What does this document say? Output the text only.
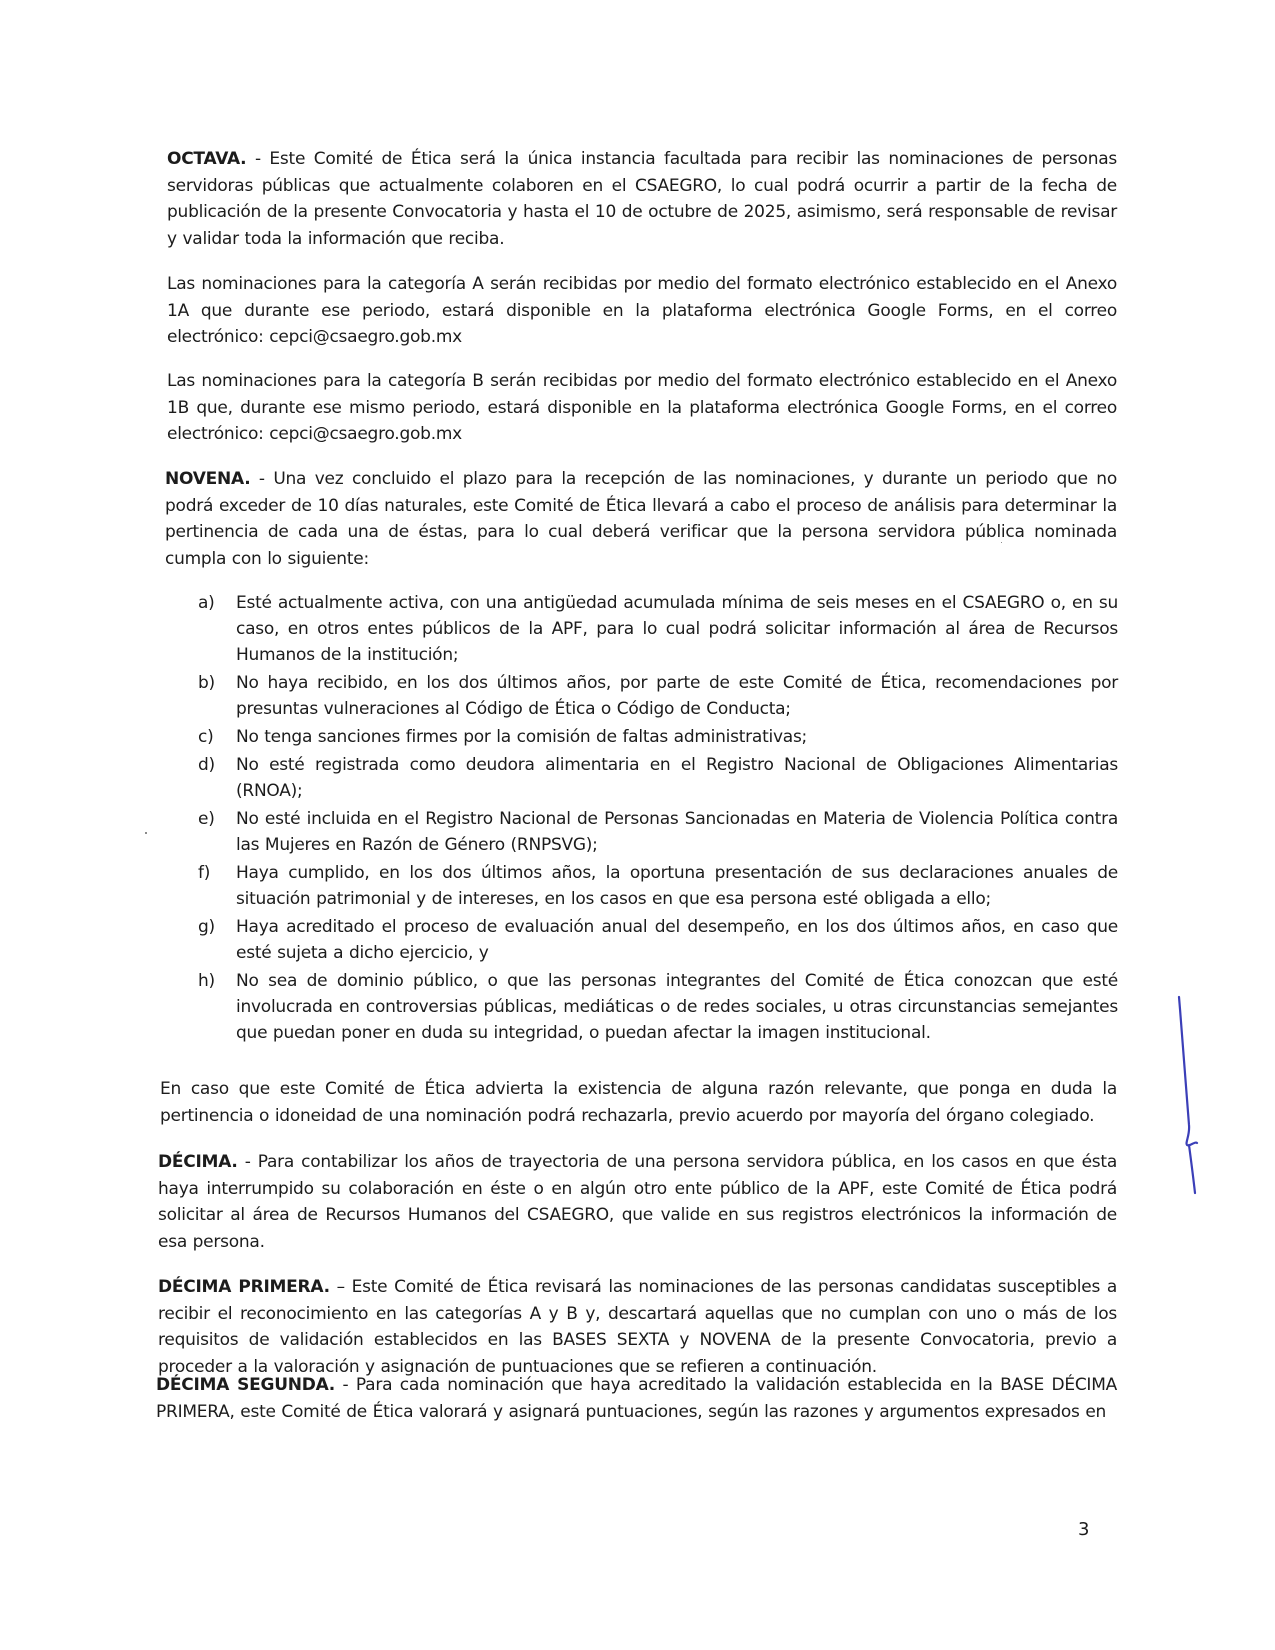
OCTAVA. - Este Comité de Ética será la única instancia facultada para recibir las nominaciones de personas servidoras públicas que actualmente colaboren en el CSAEGRO, lo cual podrá ocurrir a partir de la fecha de publicación de la presente Convocatoria y hasta el 10 de octubre de 2025, asimismo, será responsable de revisar y validar toda la información que reciba.

Las nominaciones para la categoría A serán recibidas por medio del formato electrónico establecido en el Anexo 1A que durante ese periodo, estará disponible en la plataforma electrónica Google Forms, en el correo electrónico: cepci@csaegro.gob.mx

Las nominaciones para la categoría B serán recibidas por medio del formato electrónico establecido en el Anexo 1B que, durante ese mismo periodo, estará disponible en la plataforma electrónica Google Forms, en el correo electrónico: cepci@csaegro.gob.mx

NOVENA. - Una vez concluido el plazo para la recepción de las nominaciones, y durante un periodo que no podrá exceder de 10 días naturales, este Comité de Ética llevará a cabo el proceso de análisis para determinar la pertinencia de cada una de éstas, para lo cual deberá verificar que la persona servidora pública nominada cumpla con lo siguiente:

a) Esté actualmente activa, con una antigüedad acumulada mínima de seis meses en el CSAEGRO o, en su caso, en otros entes públicos de la APF, para lo cual podrá solicitar información al área de Recursos Humanos de la institución;
b) No haya recibido, en los dos últimos años, por parte de este Comité de Ética, recomendaciones por presuntas vulneraciones al Código de Ética o Código de Conducta;
c) No tenga sanciones firmes por la comisión de faltas administrativas;
d) No esté registrada como deudora alimentaria en el Registro Nacional de Obligaciones Alimentarias (RNOA);
e) No esté incluida en el Registro Nacional de Personas Sancionadas en Materia de Violencia Política contra las Mujeres en Razón de Género (RNPSVG);
f) Haya cumplido, en los dos últimos años, la oportuna presentación de sus declaraciones anuales de situación patrimonial y de intereses, en los casos en que esa persona esté obligada a ello;
g) Haya acreditado el proceso de evaluación anual del desempeño, en los dos últimos años, en caso que esté sujeta a dicho ejercicio, y
h) No sea de dominio público, o que las personas integrantes del Comité de Ética conozcan que esté involucrada en controversias públicas, mediáticas o de redes sociales, u otras circunstancias semejantes que puedan poner en duda su integridad, o puedan afectar la imagen institucional.

En caso que este Comité de Ética advierta la existencia de alguna razón relevante, que ponga en duda la pertinencia o idoneidad de una nominación podrá rechazarla, previo acuerdo por mayoría del órgano colegiado.

DÉCIMA. - Para contabilizar los años de trayectoria de una persona servidora pública, en los casos en que ésta haya interrumpido su colaboración en éste o en algún otro ente público de la APF, este Comité de Ética podrá solicitar al área de Recursos Humanos del CSAEGRO, que valide en sus registros electrónicos la información de esa persona.

DÉCIMA PRIMERA. – Este Comité de Ética revisará las nominaciones de las personas candidatas susceptibles a recibir el reconocimiento en las categorías A y B y, descartará aquellas que no cumplan con uno o más de los requisitos de validación establecidos en las BASES SEXTA y NOVENA de la presente Convocatoria, previo a proceder a la valoración y asignación de puntuaciones que se refieren a continuación.

DÉCIMA SEGUNDA. - Para cada nominación que haya acreditado la validación establecida en la BASE DÉCIMA PRIMERA, este Comité de Ética valorará y asignará puntuaciones, según las razones y argumentos expresados en

3
